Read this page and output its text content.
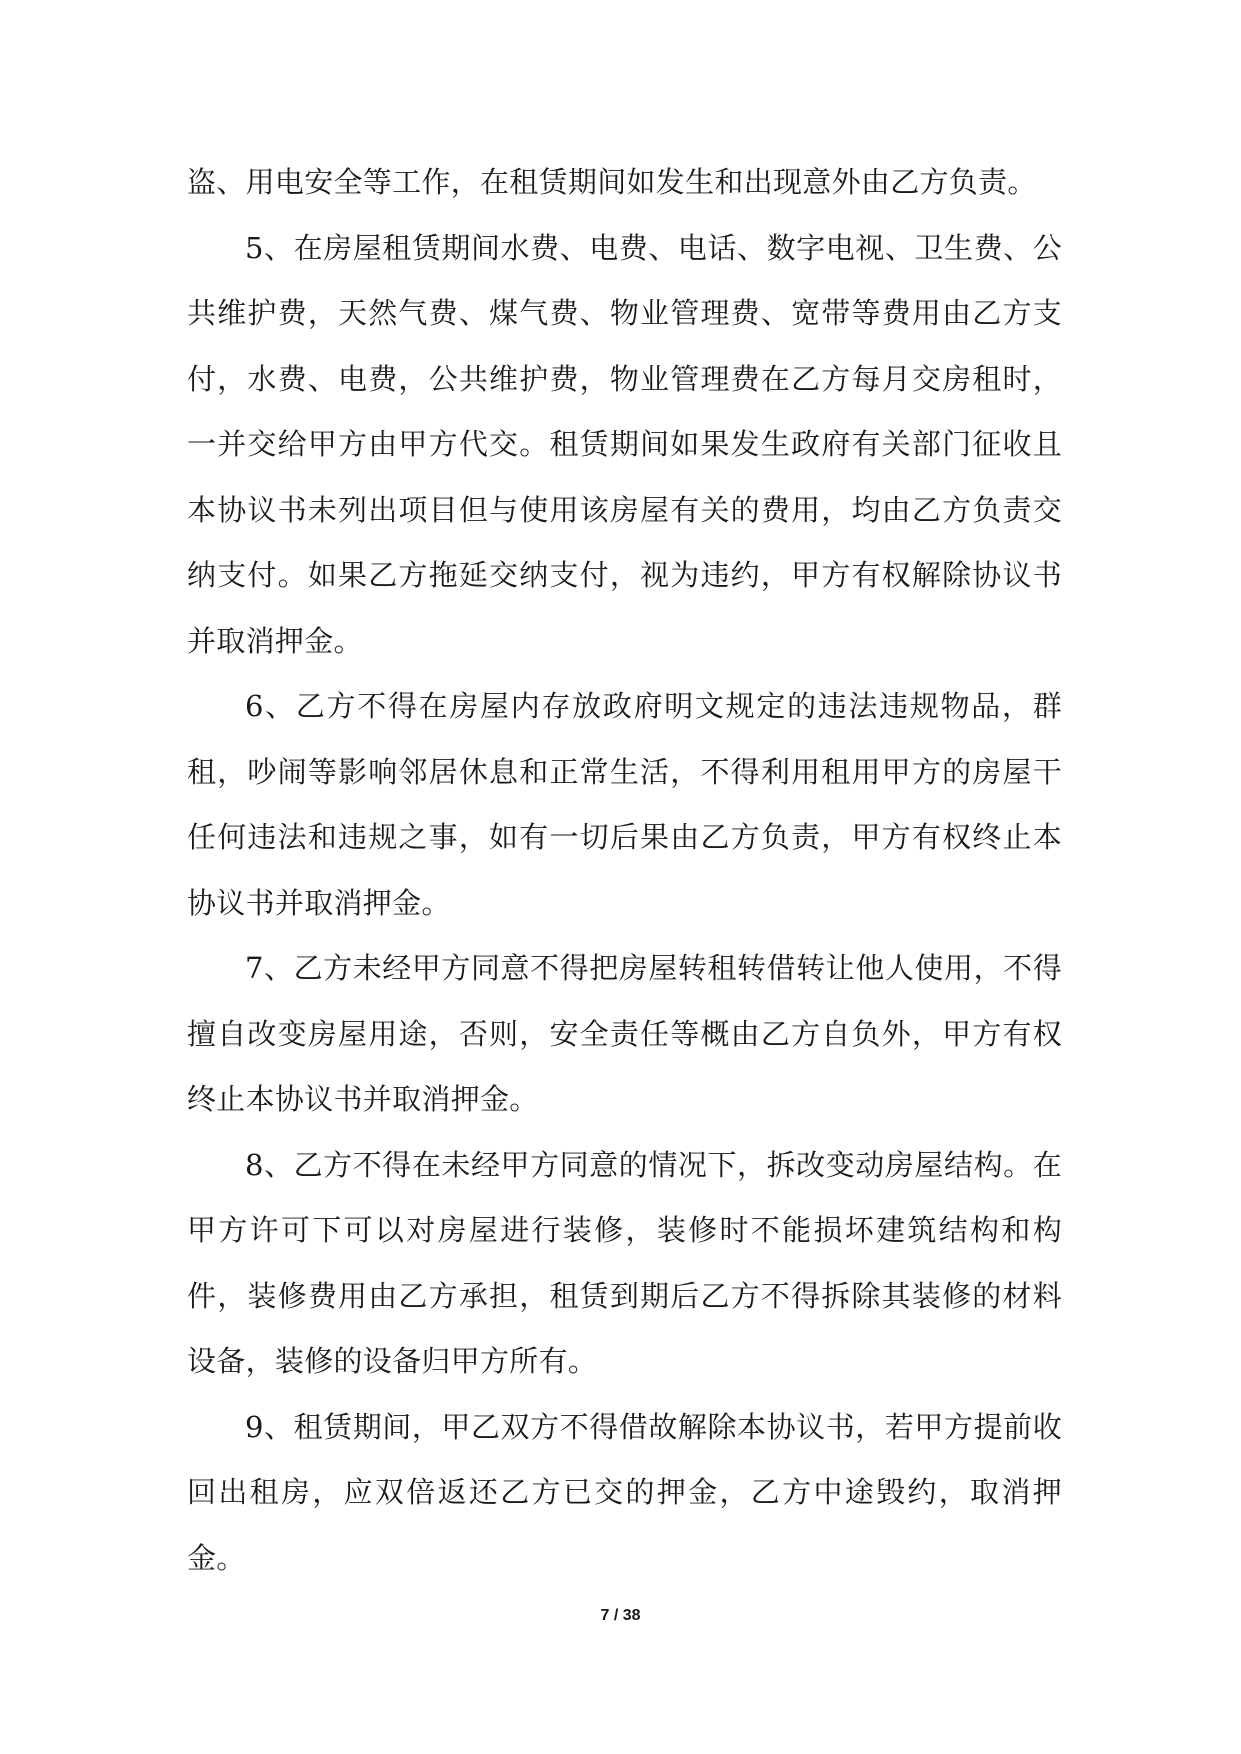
盗、用电安全等工作，在租赁期间如发生和出现意外由乙方负责。

5、在房屋租赁期间水费、电费、电话、数字电视、卫生费、公共维护费，天然气费、煤气费、物业管理费、宽带等费用由乙方支付，水费、电费，公共维护费，物业管理费在乙方每月交房租时，一并交给甲方由甲方代交。租赁期间如果发生政府有关部门征收且本协议书未列出项目但与使用该房屋有关的费用，均由乙方负责交纳支付。如果乙方拖延交纳支付，视为违约，甲方有权解除协议书并取消押金。

6、乙方不得在房屋内存放政府明文规定的违法违规物品，群租，吵闹等影响邻居休息和正常生活，不得利用租用甲方的房屋干任何违法和违规之事，如有一切后果由乙方负责，甲方有权终止本协议书并取消押金。

7、乙方未经甲方同意不得把房屋转租转借转让他人使用，不得擅自改变房屋用途，否则，安全责任等概由乙方自负外，甲方有权终止本协议书并取消押金。

8、乙方不得在未经甲方同意的情况下，拆改变动房屋结构。在甲方许可下可以对房屋进行装修，装修时不能损坏建筑结构和构件，装修费用由乙方承担，租赁到期后乙方不得拆除其装修的材料设备，装修的设备归甲方所有。

9、租赁期间，甲乙双方不得借故解除本协议书，若甲方提前收回出租房，应双倍返还乙方已交的押金，乙方中途毁约，取消押金。

7 / 38
